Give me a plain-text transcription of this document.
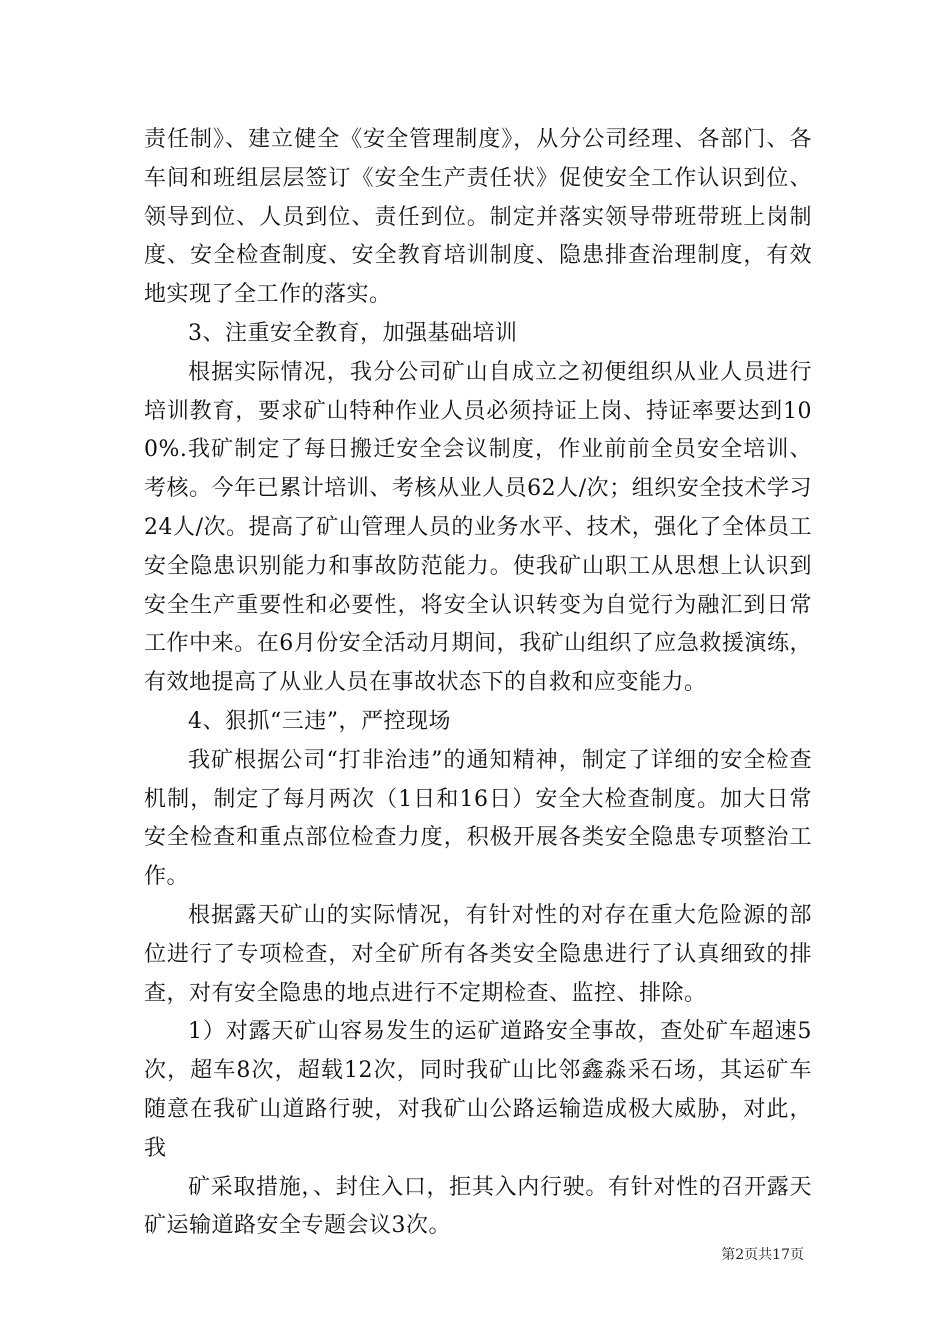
责任制》、建立健全《安全管理制度》，从分公司经理、各部门、各车间和班组层层签订《安全生产责任状》促使安全工作认识到位、领导到位、人员到位、责任到位。制定并落实领导带班带班上岗制度、安全检查制度、安全教育培训制度、隐患排查治理制度，有效地实现了全工作的落实。

3、注重安全教育，加强基础培训

根据实际情况，我分公司矿山自成立之初便组织从业人员进行培训教育，要求矿山特种作业人员必须持证上岗、持证率要达到100%.我矿制定了每日搬迁安全会议制度，作业前前全员安全培训、考核。今年已累计培训、考核从业人员62人/次；组织安全技术学习24人/次。提高了矿山管理人员的业务水平、技术，强化了全体员工安全隐患识别能力和事故防范能力。使我矿山职工从思想上认识到安全生产重要性和必要性，将安全认识转变为自觉行为融汇到日常工作中来。在6月份安全活动月期间，我矿山组织了应急救援演练，有效地提高了从业人员在事故状态下的自救和应变能力。

4、狠抓“三违”，严控现场

我矿根据公司“打非治违”的通知精神，制定了详细的安全检查机制，制定了每月两次（1日和16日）安全大检查制度。加大日常安全检查和重点部位检查力度，积极开展各类安全隐患专项整治工作。

根据露天矿山的实际情况，有针对性的对存在重大危险源的部位进行了专项检查，对全矿所有各类安全隐患进行了认真细致的排查，对有安全隐患的地点进行不定期检查、监控、排除。

1）对露天矿山容易发生的运矿道路安全事故，查处矿车超速5次，超车8次，超载12次，同时我矿山比邻鑫淼采石场，其运矿车随意在我矿山道路行驶，对我矿山公路运输造成极大威胁，对此，我

矿采取措施，、封住入口，拒其入内行驶。有针对性的召开露天矿运输道路安全专题会议3次。

第2页共17页
